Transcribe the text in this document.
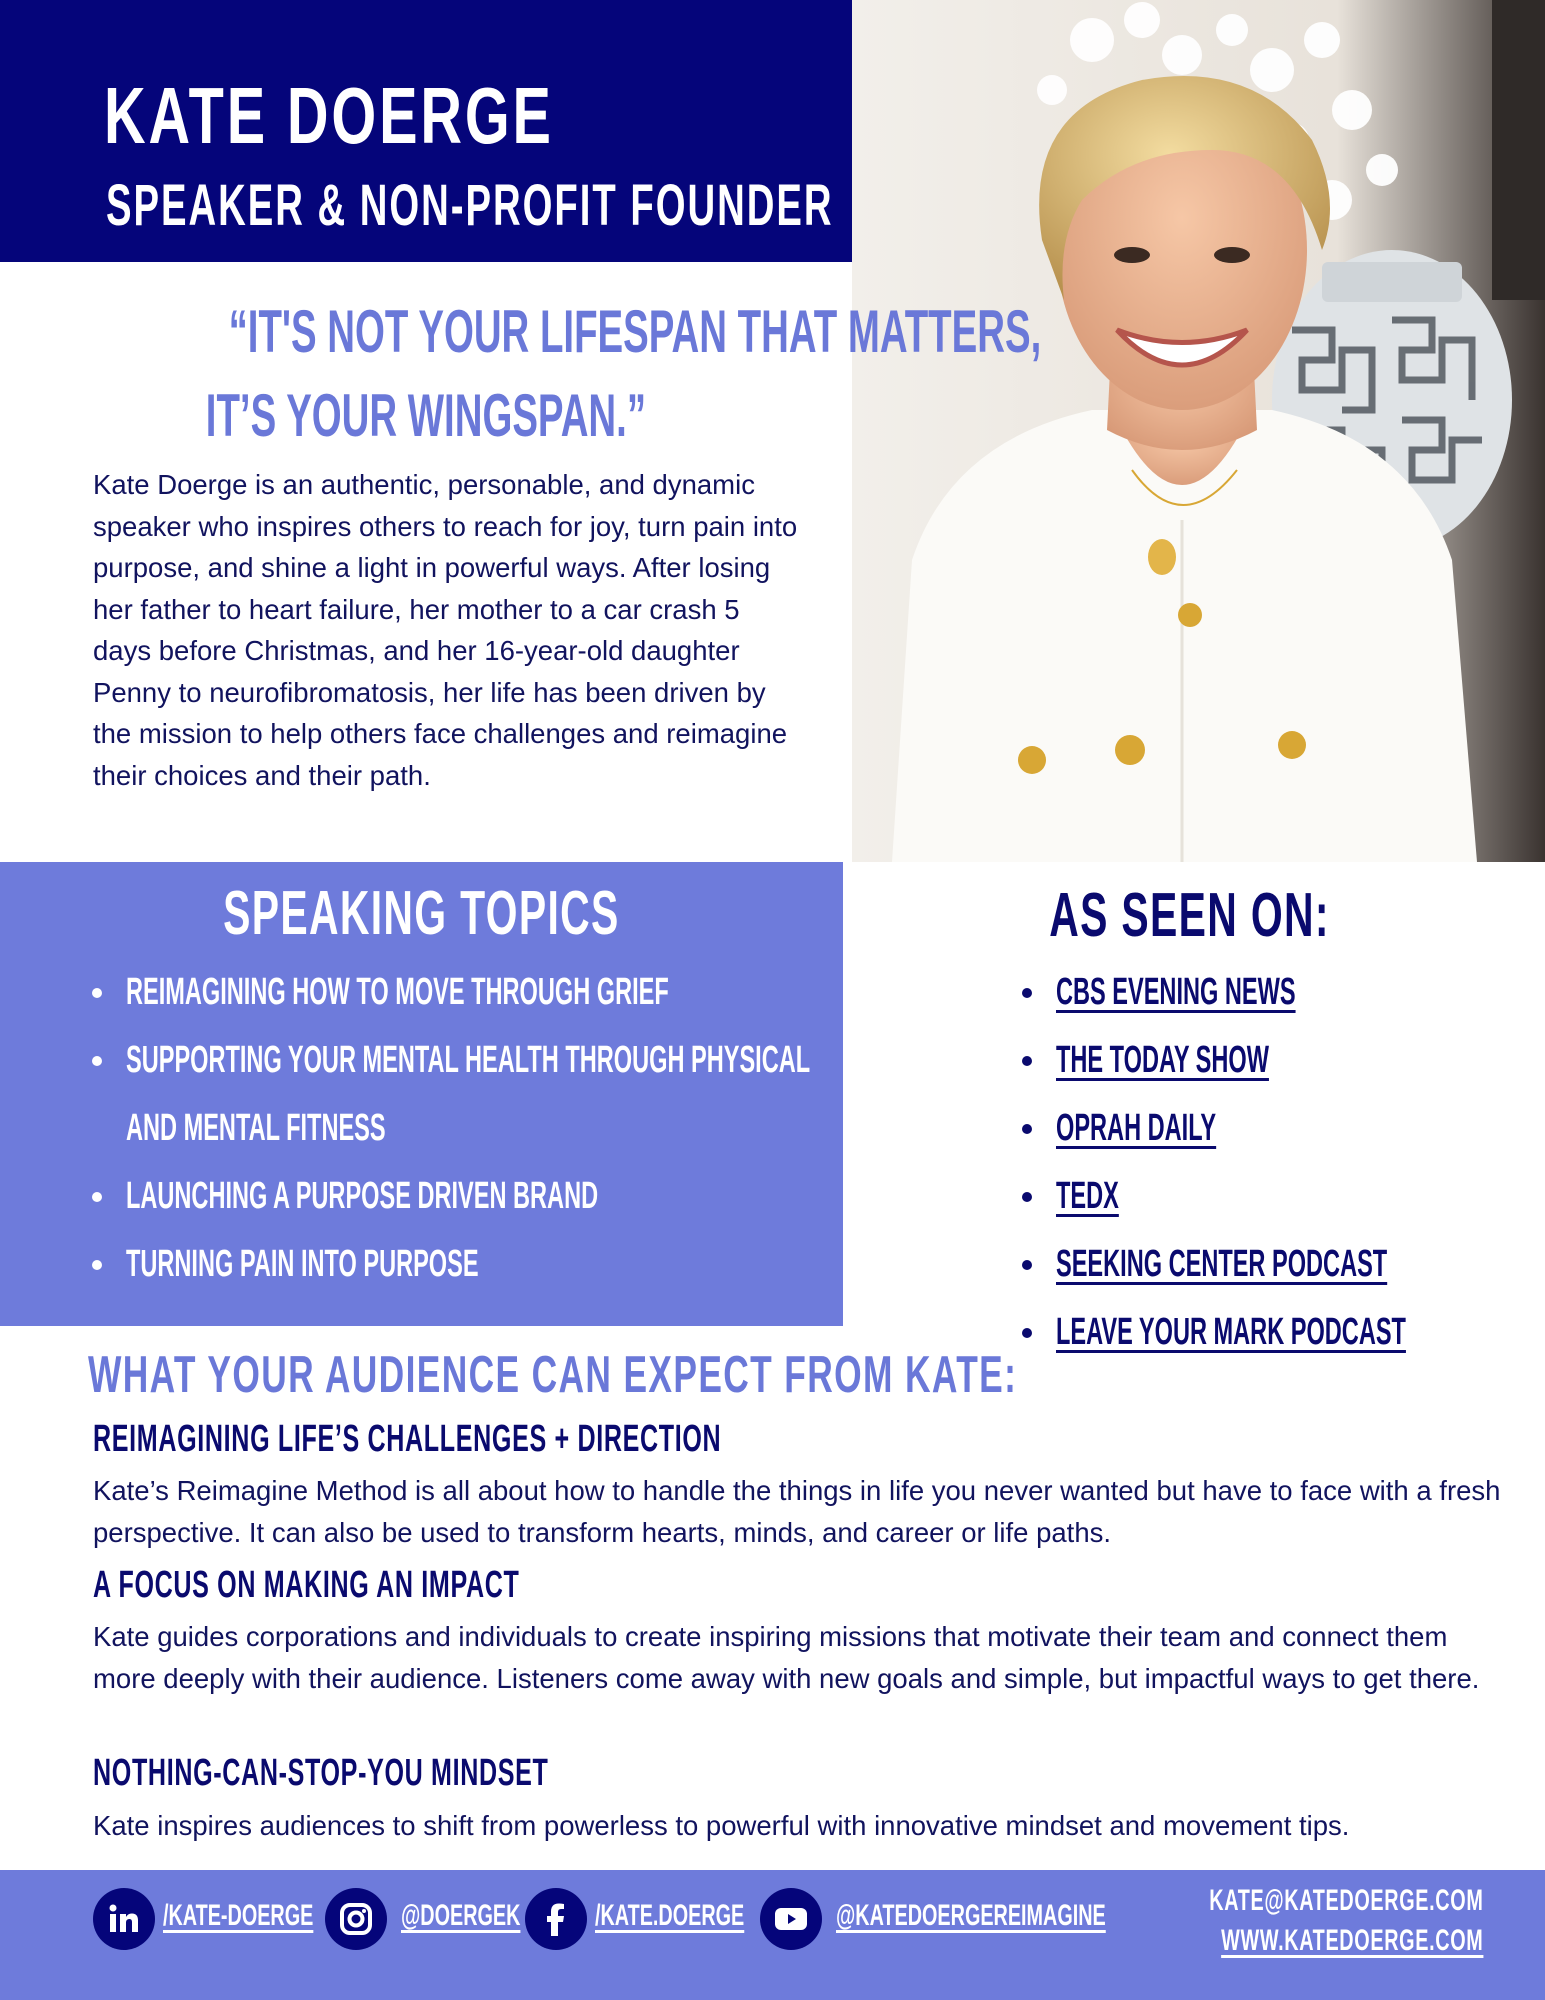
KATE DOERGE
SPEAKER & NON-PROFIT FOUNDER
“IT'S NOT YOUR LIFESPAN THAT MATTERS,
IT’S YOUR WINGSPAN.”

Kate Doerge is an authentic, personable, and dynamic speaker who inspires others to reach for joy, turn pain into purpose, and shine a light in powerful ways. After losing her father to heart failure, her mother to a car crash 5 days before Christmas, and her 16-year-old daughter Penny to neurofibromatosis, her life has been driven by the mission to help others face challenges and reimagine their choices and their path.

SPEAKING TOPICS
REIMAGINING HOW TO MOVE THROUGH GRIEF
SUPPORTING YOUR MENTAL HEALTH THROUGH PHYSICAL
AND MENTAL FITNESS
LAUNCHING A PURPOSE DRIVEN BRAND
TURNING PAIN INTO PURPOSE
AS SEEN ON:
CBS EVENING NEWS
THE TODAY SHOW
OPRAH DAILY
TEDX
SEEKING CENTER PODCAST
LEAVE YOUR MARK PODCAST
WHAT YOUR AUDIENCE CAN EXPECT FROM KATE:
REIMAGINING LIFE’S CHALLENGES + DIRECTION

Kate’s Reimagine Method is all about how to handle the things in life you never wanted but have to face with a fresh perspective. It can also be used to transform hearts, minds, and career or life paths.

A FOCUS ON MAKING AN IMPACT

Kate guides corporations and individuals to create inspiring missions that motivate their team and connect them more deeply with their audience. Listeners come away with new goals and simple, but impactful ways to get there.

NOTHING-CAN-STOP-YOU MINDSET

Kate inspires audiences to shift from powerless to powerful with innovative mindset and movement tips.

/KATE-DOERGE	@DOERGEK /KATE.DOERGE	@KATEDOERGEREIMAGINE	KATE@KATEDOERGE.COM
WWW.KATEDOERGE.COM
